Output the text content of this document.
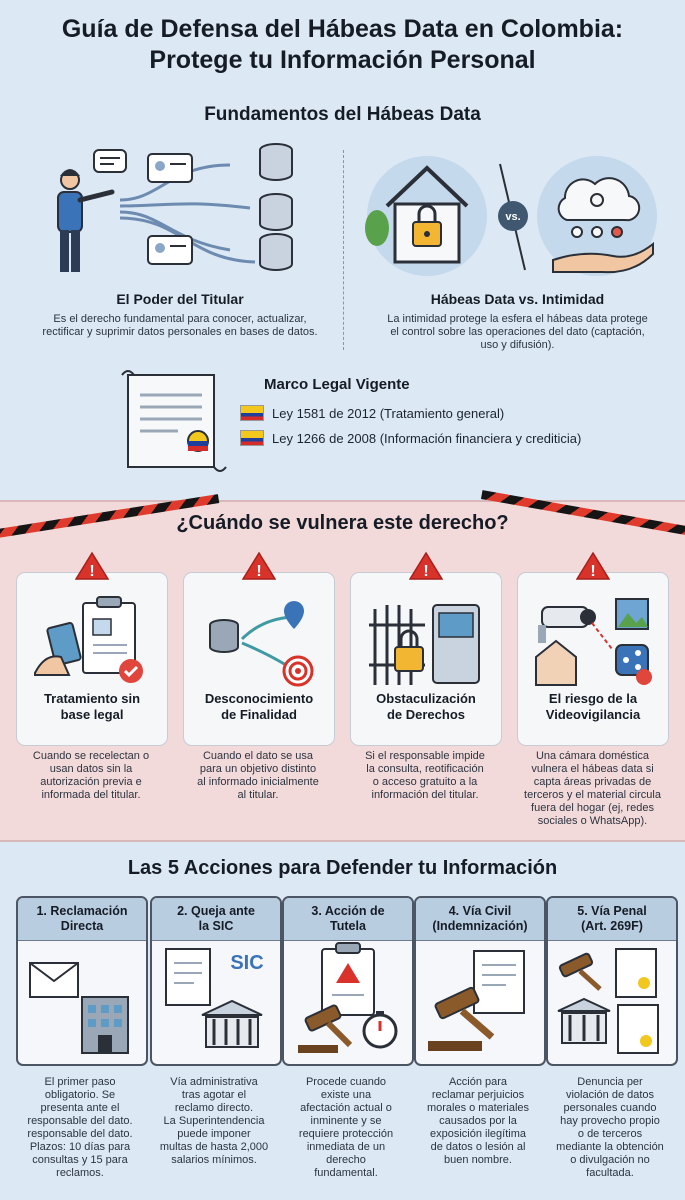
Guía de Defensa del Hábeas Data en Colombia:
Protege tu Información Personal
Fundamentos del Hábeas Data
El Poder del Titular
Es el derecho fundamental para conocer, actualizar,
rectificar y suprimir datos personales en bases de datos.
vs.
Hábeas Data vs. Intimidad
La intimidad protege la esfera el hábeas data protege
el control sobre las operaciones del dato (captación,
uso y difusión).
Marco Legal Vigente
Ley 1581 de 2012 (Tratamiento general)
Ley 1266 de 2008 (Información financiera y crediticia)
¿Cuándo se vulnera este derecho?
!
Tratamiento sin
base legal
!
Desconocimiento
de Finalidad
!
Obstaculización
de Derechos
!
El riesgo de la
Videovigilancia
Cuando se recelectan o
usan datos sin la
autorización previa e
informada del titular.
Cuando el dato se usa
para un objetivo distinto
al informado inicialmente
al titular.
Si el responsable impide
la consulta, reotificación
o acceso gratuito a la
información del titular.
Una cámara doméstica
vulnera el hábeas data si
capta áreas privadas de
terceros y el material circula
fuera del hogar (ej, redes
sociales o WhatsApp).
Las 5 Acciones para Defender tu Información
1. Reclamación
Directa
2. Queja ante
la SIC
SIC
3. Acción de
Tutela
4. Vía Civil
(Indemnización)
5. Vía Penal
(Art. 269F)
El primer paso
obligatorio. Se
presenta ante el
responsable del dato.
responsable del dato.
Plazos: 10 días para
consultas y 15 para
reclamos.
Vía administrativa
tras agotar el
reclamo directo.
La Superintendencia
puede imponer
multas de hasta 2,000
salarios mínimos.
Procede cuando
existe una
afectación actual o
inminente y se
requiere protección
inmediata de un
derecho
fundamental.
Acción para
reclamar perjuicios
morales o materiales
causados por la
exposición ilegítima
de datos o lesión al
buen nombre.
Denuncia per
violación de datos
personales cuando
hay provecho propio
o de terceros
mediante la obtención
o divulgación no
facultada.
